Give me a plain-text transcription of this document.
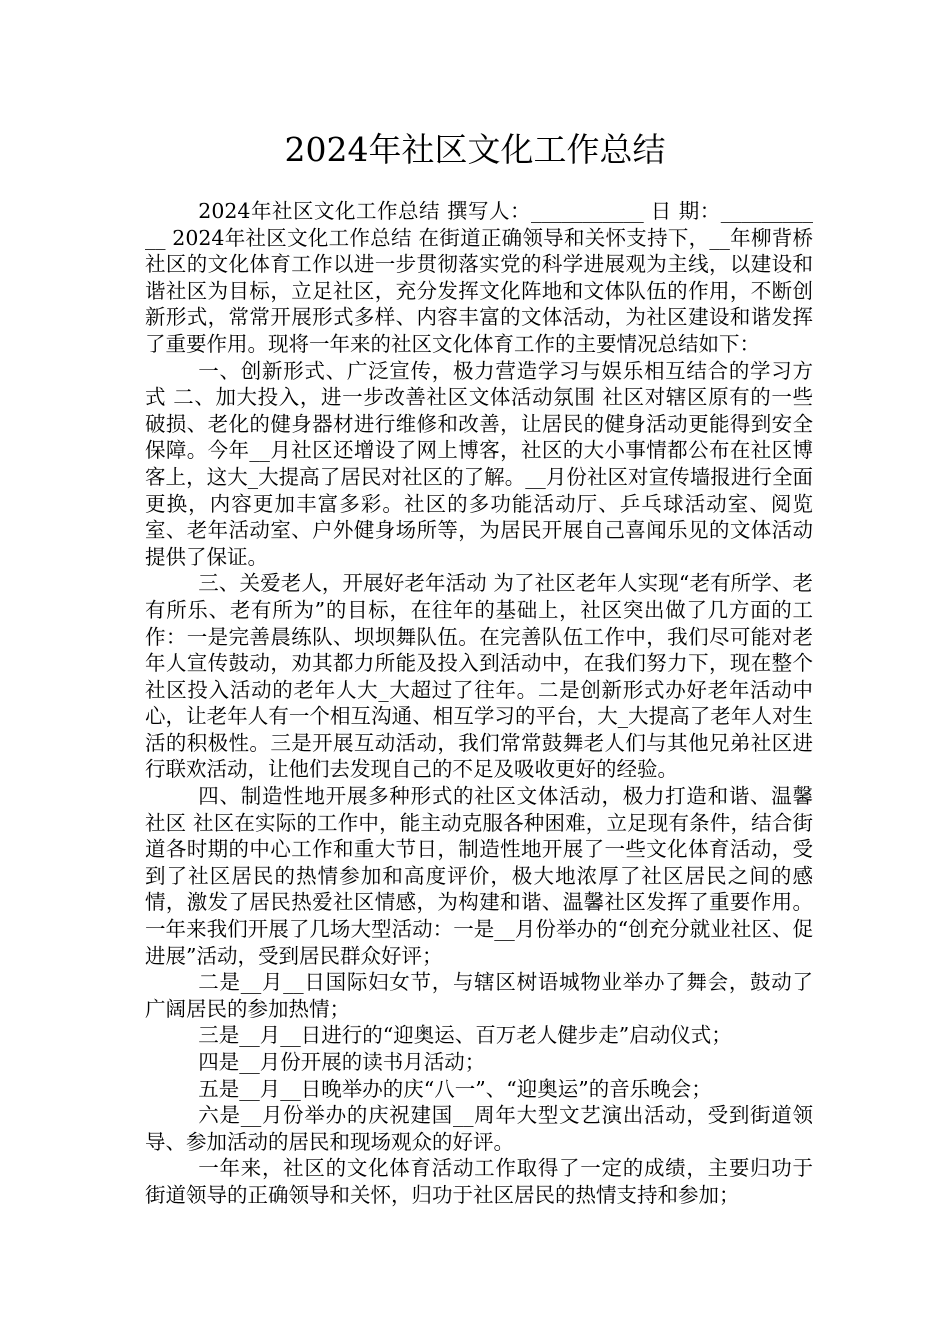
2024年社区文化工作总结

2024年社区文化工作总结 撰写人：___________ 日 期：___________ 2024年社区文化工作总结 在街道正确领导和关怀支持下，__年柳背桥社区的文化体育工作以进一步贯彻落实党的科学进展观为主线，以建设和谐社区为目标，立足社区，充分发挥文化阵地和文体队伍的作用，不断创新形式，常常开展形式多样、内容丰富的文体活动，为社区建设和谐发挥了重要作用。现将一年来的社区文化体育工作的主要情况总结如下：

一、创新形式、广泛宣传，极力营造学习与娱乐相互结合的学习方式 二、加大投入，进一步改善社区文体活动氛围 社区对辖区原有的一些破损、老化的健身器材进行维修和改善，让居民的健身活动更能得到安全保障。今年__月社区还增设了网上博客，社区的大小事情都公布在社区博客上，这大_大提高了居民对社区的了解。__月份社区对宣传墙报进行全面更换，内容更加丰富多彩。社区的多功能活动厅、乒乓球活动室、阅览室、老年活动室、户外健身场所等，为居民开展自己喜闻乐见的文体活动提供了保证。

三、关爱老人，开展好老年活动 为了社区老年人实现“老有所学、老有所乐、老有所为”的目标，在往年的基础上，社区突出做了几方面的工作：一是完善晨练队、坝坝舞队伍。在完善队伍工作中，我们尽可能对老年人宣传鼓动，劝其都力所能及投入到活动中，在我们努力下，现在整个社区投入活动的老年人大_大超过了往年。二是创新形式办好老年活动中心，让老年人有一个相互沟通、相互学习的平台，大_大提高了老年人对生活的积极性。三是开展互动活动，我们常常鼓舞老人们与其他兄弟社区进行联欢活动，让他们去发现自己的不足及吸收更好的经验。

四、制造性地开展多种形式的社区文体活动，极力打造和谐、温馨社区 社区在实际的工作中，能主动克服各种困难，立足现有条件，结合街道各时期的中心工作和重大节日，制造性地开展了一些文化体育活动，受到了社区居民的热情参加和高度评价，极大地浓厚了社区居民之间的感情，激发了居民热爱社区情感，为构建和谐、温馨社区发挥了重要作用。一年来我们开展了几场大型活动：一是__月份举办的“创充分就业社区、促进展”活动，受到居民群众好评；

二是__月__日国际妇女节，与辖区树语城物业举办了舞会，鼓动了广阔居民的参加热情；

三是__月__日进行的“迎奥运、百万老人健步走”启动仪式；

四是__月份开展的读书月活动；

五是__月__日晚举办的庆“八一”、“迎奥运”的音乐晚会；

六是__月份举办的庆祝建国__周年大型文艺演出活动，受到街道领导、参加活动的居民和现场观众的好评。

一年来，社区的文化体育活动工作取得了一定的成绩，主要归功于街道领导的正确领导和关怀，归功于社区居民的热情支持和参加；
